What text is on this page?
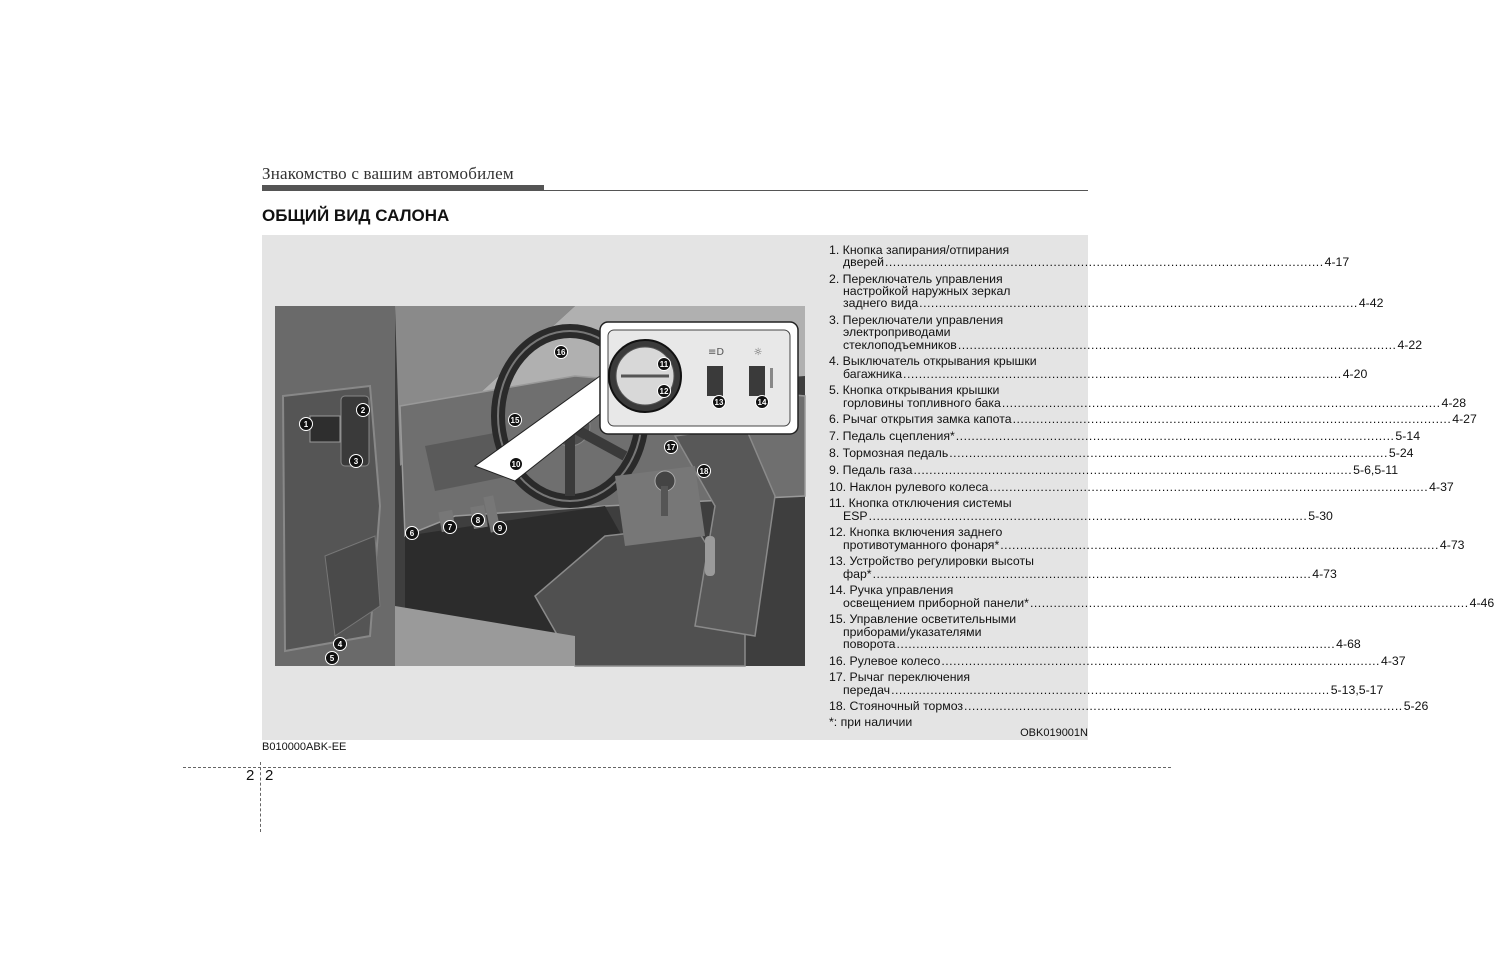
Знакомство с вашим автомобилем
ОБЩИЙ ВИД САЛОНА
≡D	☼
1
2
3
4
5
6
7
8
9
10
11
12
13	14
15
16
17
18
1. Кнопка запирания/отпирания
дверей .....	4-17
2. Переключатель управления
настройкой наружных зеркал
заднего вида .....	4-42
3. Переключатели управления
электроприводами
стеклоподъемников .....	4-22
4. Выключатель открывания крышки
багажника .....	4-20
5. Кнопка открывания крышки
горловины топливного бака .....	4-28
6. Рычаг открытия замка капота .....	4-27
7. Педаль сцепления* .....	5-14
8. Тормозная педаль .....	5-24
9. Педаль газа .....	5-6,5-11
10. Наклон рулевого колеса .....	4-37
11. Кнопка отключения системы
ESP .....	5-30
12. Кнопка включения заднего
противотуманного фонаря* .....	4-73
13. Устройство регулировки высоты
фар* .....	4-73
14. Ручка управления
освещением приборной панели* .....	4-46
15. Управление осветительными
приборами/указателями
поворота .....	4-68
16. Рулевое колесо .....	4-37
17. Рычаг переключения
передач .....	5-13,5-17
18. Стояночный тормоз .....	5-26
*: при наличии
OBK019001N
B010000ABK-EE
2 2
